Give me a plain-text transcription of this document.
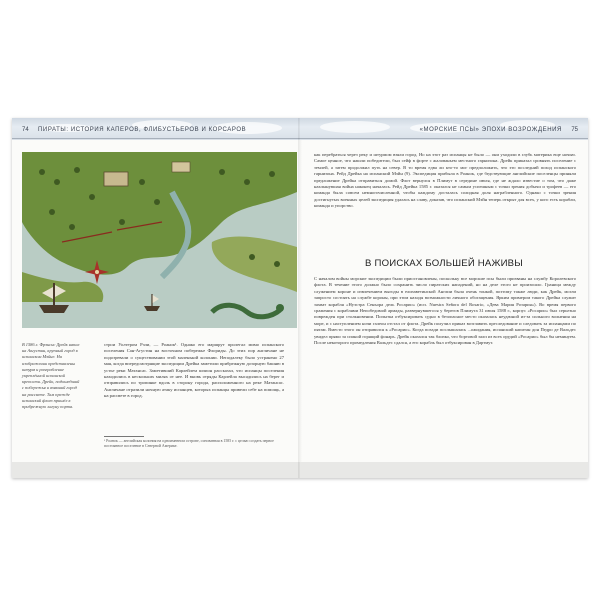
74 ПИРАТЫ: ИСТОРИЯ КАПЕРОВ, ФЛИБУСТЬЕРОВ И КОРСАРОВ
В 1586 г. Фрэнсис Дрейк напал на Августин, крупный город в испанском Мэйне. На изображении представлены штурм и разграбление укреплённой испанской крепости. Дрейк, подошедший с побережья и взявший город на рассвете. Там прежде испанский флот пришёл в прибрежную лагуну порта.
строи Уолтером Рэли, — Роанок¹. Однако его маршрут пролегал мимо испанского поселения Сан-Агустин на восточном побережье Флориды. До этих пор англичане не подозревали о существовании этой маленькой колонии. Неподалеку было устранено 27 мая, когда впередсмотрящие экспедиции Дрейка заметили прибрежную дозорную башню в устье реки Матансас. Заметивший Карлейлем шпион рассказал, что испанцы поселения находились в нескольких милях от нее. И вновь отряды Карлейла высадились на берег и отправились по тропинке вдоль в сторону города, расположенного на реке Матансас. Англичане отразили ночную атаку испанцев, которых испанцы привели себе на помощь, а на рассвете в город.
¹ Роанок — английская колония на одноименном острове, основанная в 1585 г. с целью создать первое постоянное поселение в Северной Америке.
«МОРСКИЕ ПСЫ» ЭПОХИ ВОЗРОЖДЕНИЯ 75
как перебраться через реку и штурмом взяли город. Но на этот раз испанцы не было — они уходили в глубь материка еще ночью. Самое ценное, что нашли победители, был сейф в форте с жалованьем местного гарнизона. Дрейк приказал сровнять поселение с землей, а затем продолжил путь на север. В то время едва ли кто-то мог предположить, что это последний поход испанского гарнизона. Рейд Дрейка на испанский Мэйн (9). Экспедиция прибыла в Роанок, где бедствующие английские поселенцы приняли предложение Дрейка отправиться домой. Флот вернулся в Плимут в середине июля, где не ждало известие о том, что даже нахлынувшая война наконец началась. Рейд Дрейка 1585 г. оказался не самым успешным с точки зрения добычи и трофеев — его команда была совсем немногочисленной, чтобы каждому досталась солидная доля награбленного. Однако с точки зрения достигнутых военных целей экспедиция удалась на славу, доказав, что испанский Мэйн теперь открыт для всех, у кого есть корабли, команда и упорство.
В ПОИСКАХ БОЛЬШЕЙ НАЖИВЫ
С началом войны морские экспедиции были приостановлены, поскольку все морские псы были призваны на службу Королевского флота. В течение этого должно было сохранить число пиратских нападений, но на деле этого не произошло. Граница между служением короне и извлечением выгоды в елизаветинской Англии была очень тонкой, поэтому также люди, как Дрейк, могли запросто состоять на службе короны, при этом находя возможности личного обогащения. Ярким примером такого Дрейка служит захват корабля «Нуэстра Сеньора дель Росарио» (исп. Nuestra Señora del Rosario, «Дева Мария Розария»). Во время первого сражения с кораблями Непобедимой армады, развернувшегося у берегов Плимута 31 июля 1588 г., корпус «Росарио» был серьезно поврежден при столкновении. Попытка отбуксировать судно в безопасное место оказалась неудачной из-за сильного волнения на море, и с наступлением ночи галеон отстал от флота. Дрейк получил приказ возглавить преследование и следовать за испанцами по пятам. Вместо этого он отправился к «Росарио». Когда позади послышалась ...ожидания, испанский капитан дон Педро де Вальдес увидел прямо за спиной горящий фонарь. Дрейк оказался так близко, что бортовой залп из всех орудий «Росарио» был бы неминуем. После некоторого промедления Вальдес сдался, а его корабль был отбуксирован в Дартмут.
